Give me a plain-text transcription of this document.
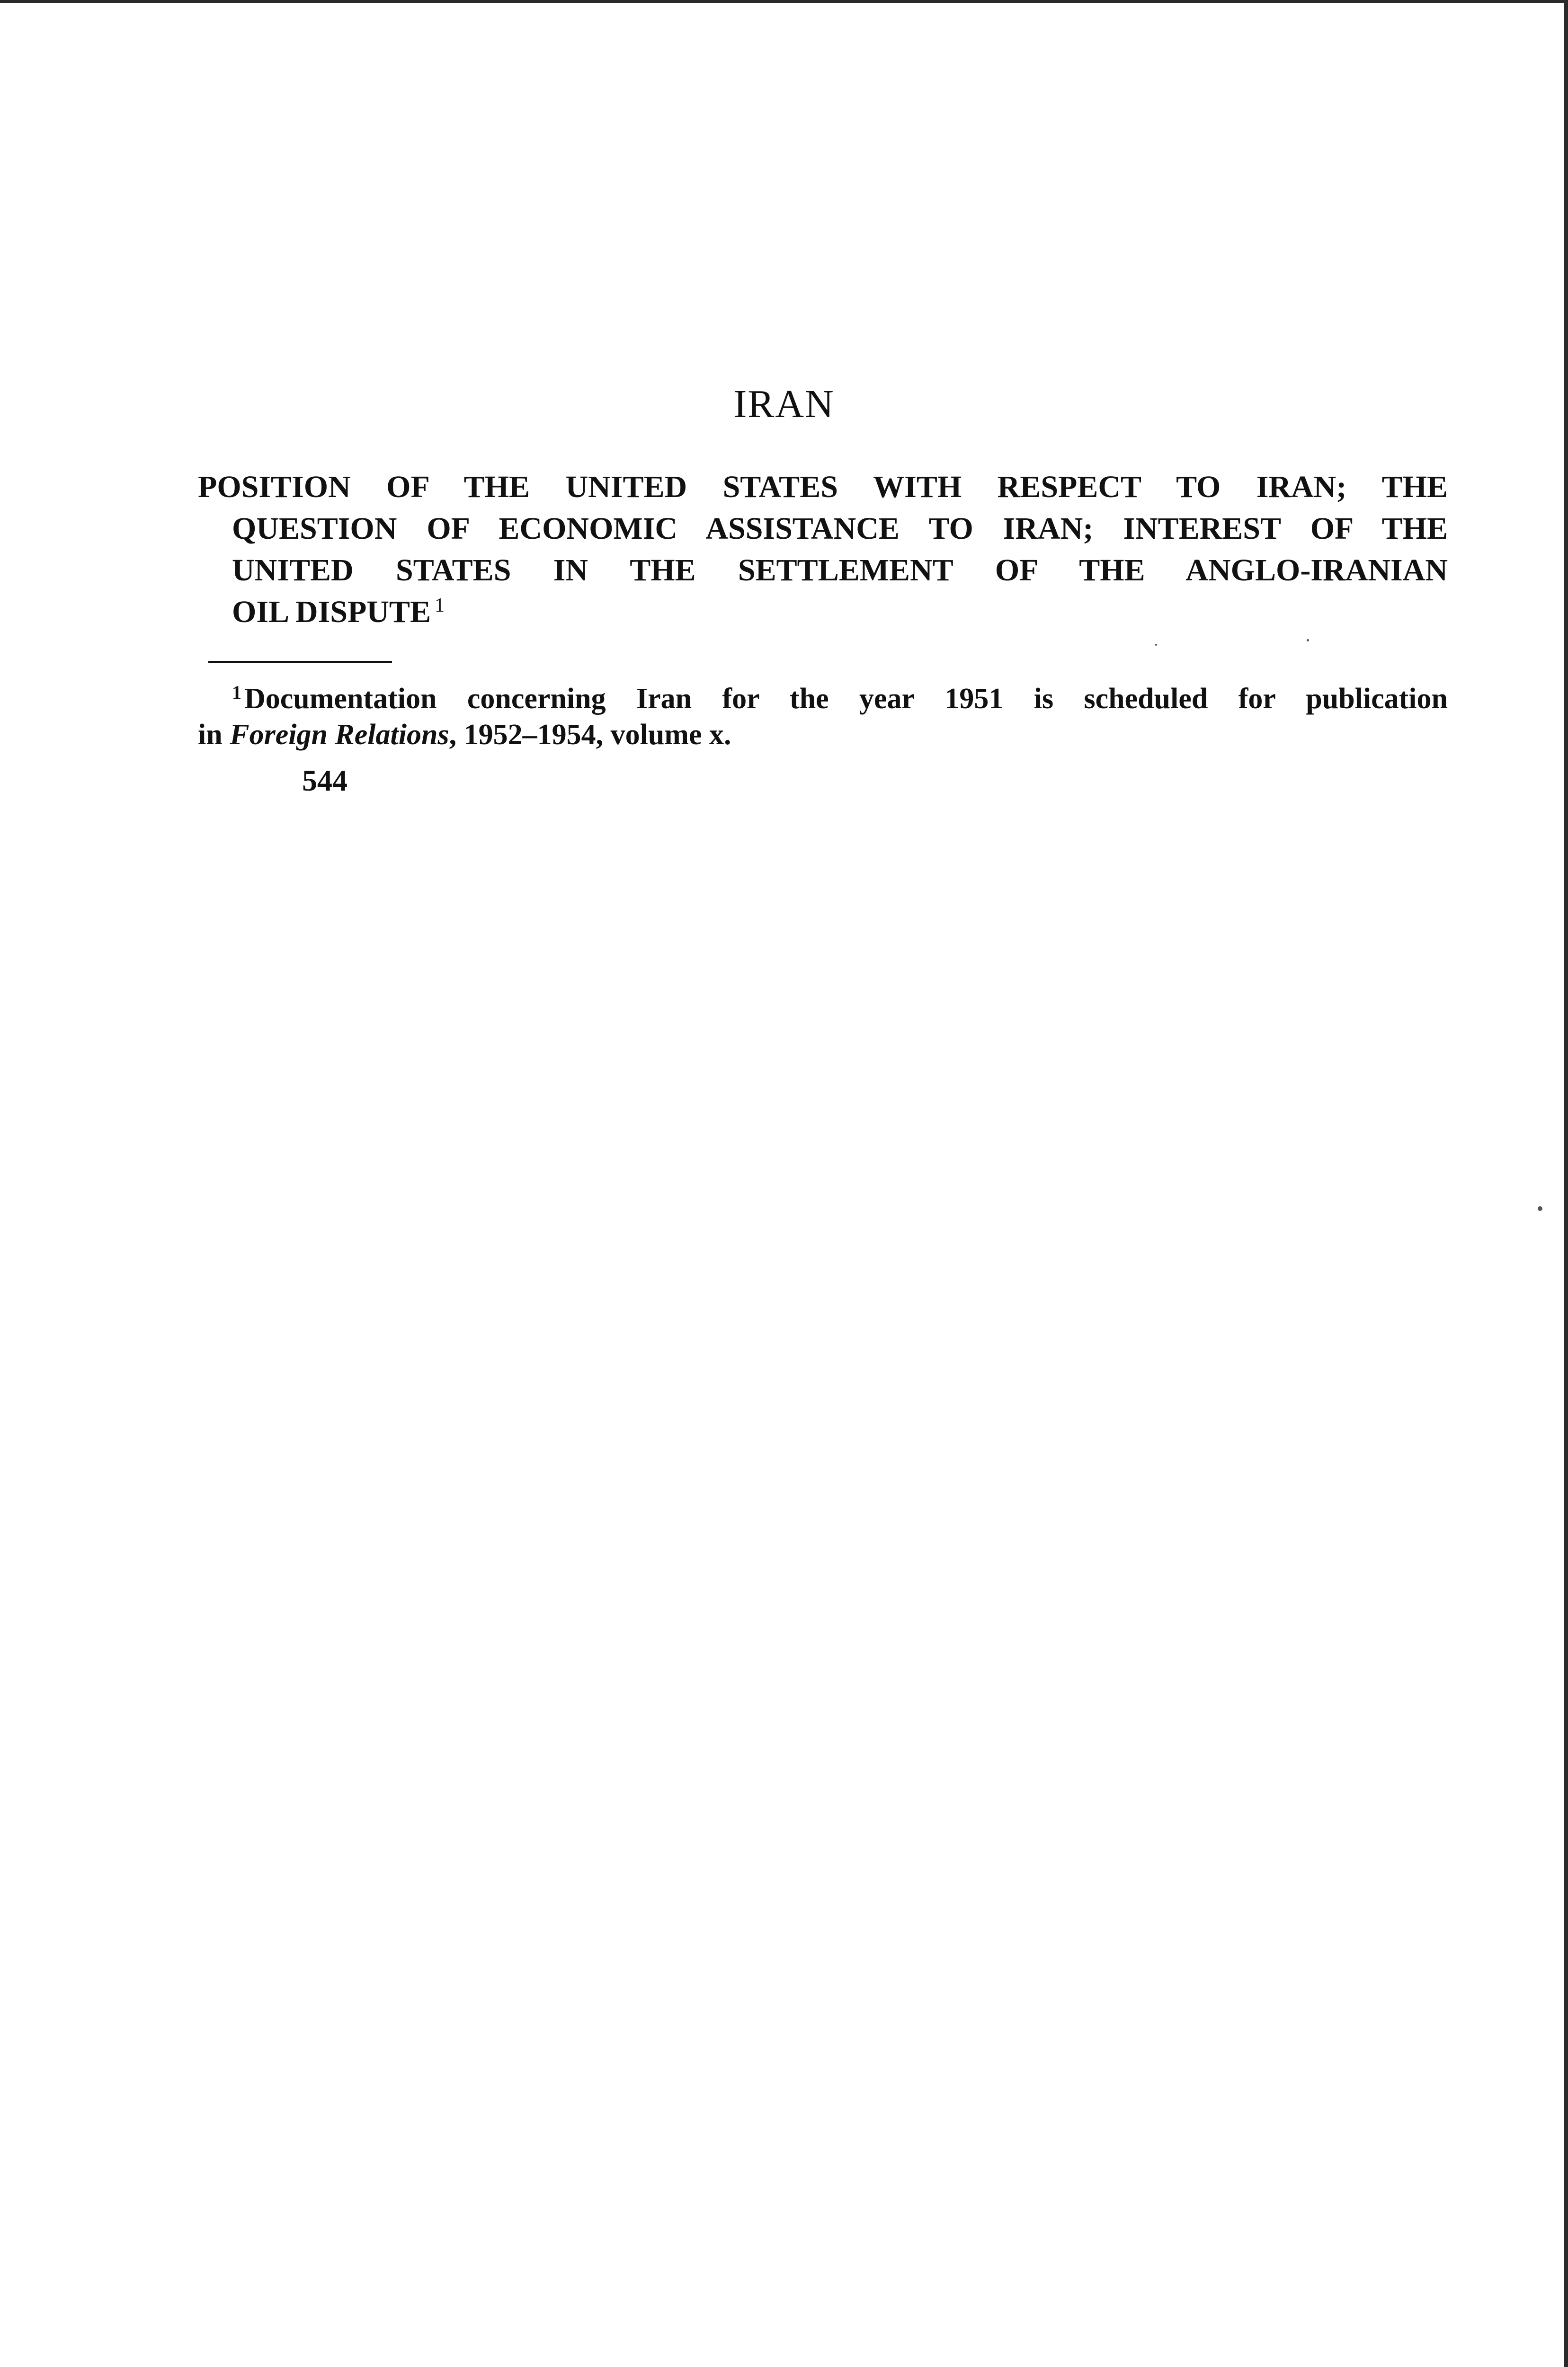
IRAN
POSITION OF THE UNITED STATES WITH RESPECT TO IRAN; THE
QUESTION OF ECONOMIC ASSISTANCE TO IRAN; INTEREST OF THE
UNITED STATES IN THE SETTLEMENT OF THE ANGLO-IRANIAN
OIL DISPUTE $^1$
$^1$Documentation concerning Iran for the year 1951 is scheduled for publication
in Foreign Relations, 1952–1954, volume x.
544
